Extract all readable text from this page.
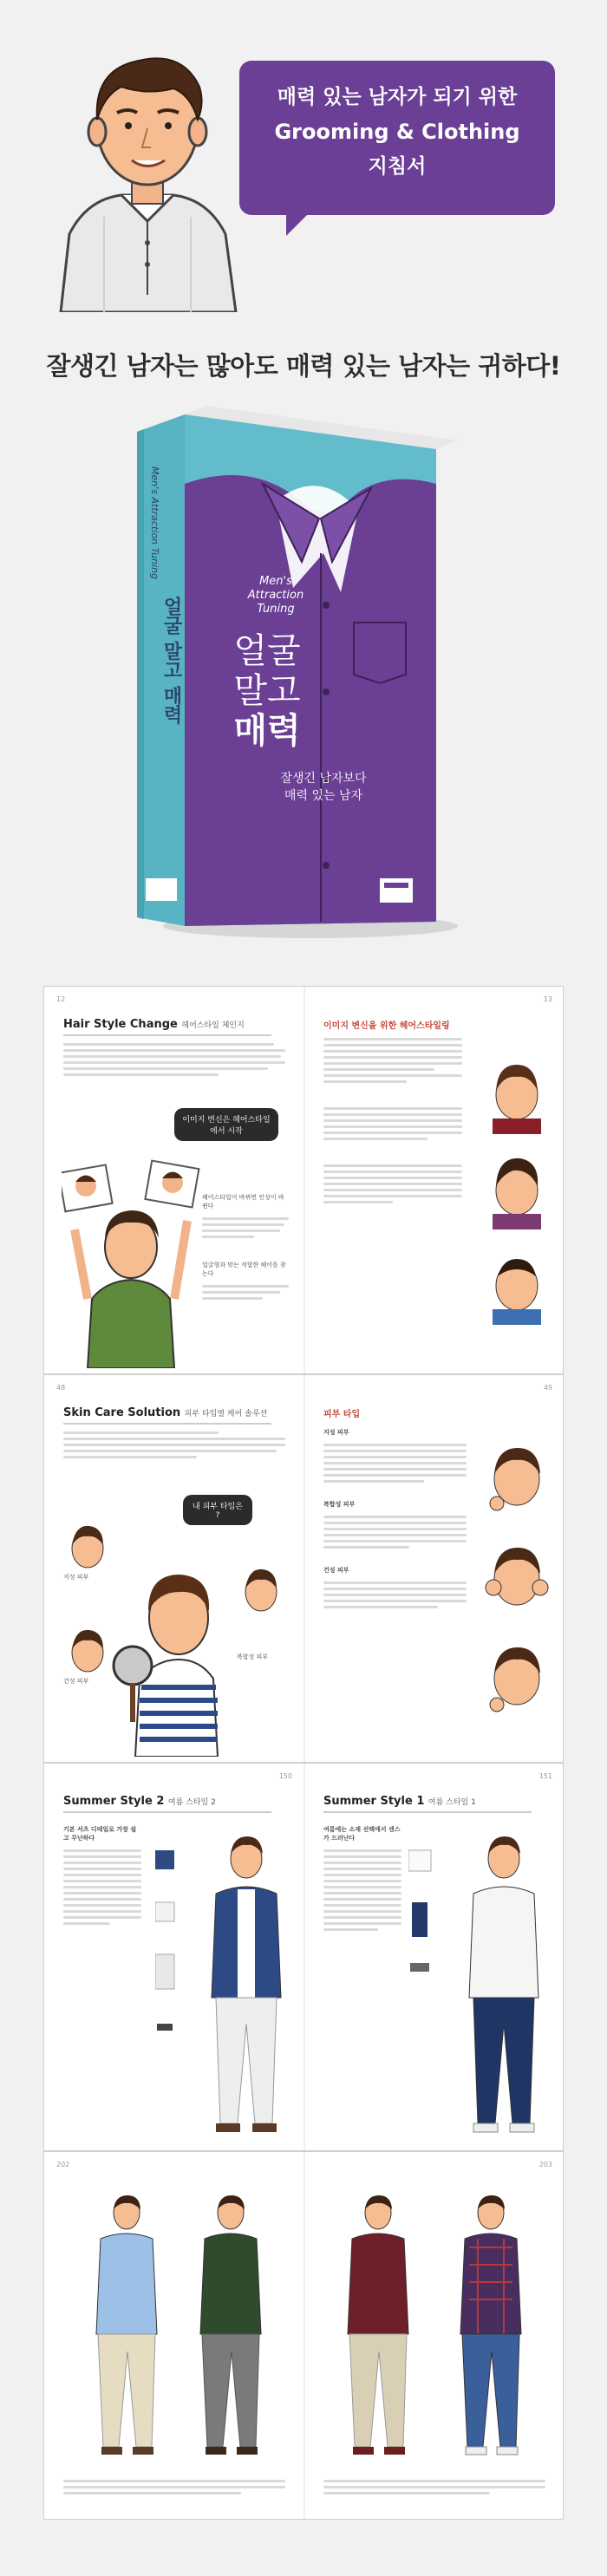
매력 있는 남자가 되기 위한
Grooming & Clothing
지침서
잘생긴 남자는 많아도 매력 있는 남자는 귀하다!
Men's
Attraction
Tuning
얼굴
말고
매력
잘생긴 남자보다
매력 있는 남자
Men's Attraction Tuning
얼굴 말고 매력
12
Hair Style Change 헤어스타일 체인지
이미지 변신은 헤어스타일에서 시작
헤어스타일이 바뀌면 인상이 바뀐다
얼굴형과 맞는 적합한 헤어를 찾는다
13
이미지 변신을 위한 헤어스타일링
48
Skin Care Solution 피부 타입별 케어 솔루션
내 피부 타입은 ?
지성 피부
복합성 피부
건성 피부
49
피부 타입
지성 피부
복합성 피부
건성 피부
150
Summer Style 2 여름 스타일 2
기본 셔츠 디테일로 가장 쉽고 무난하다
151
Summer Style 1 여름 스타일 1
여름에는 소재 선택에서 센스가 드러난다
202	203
